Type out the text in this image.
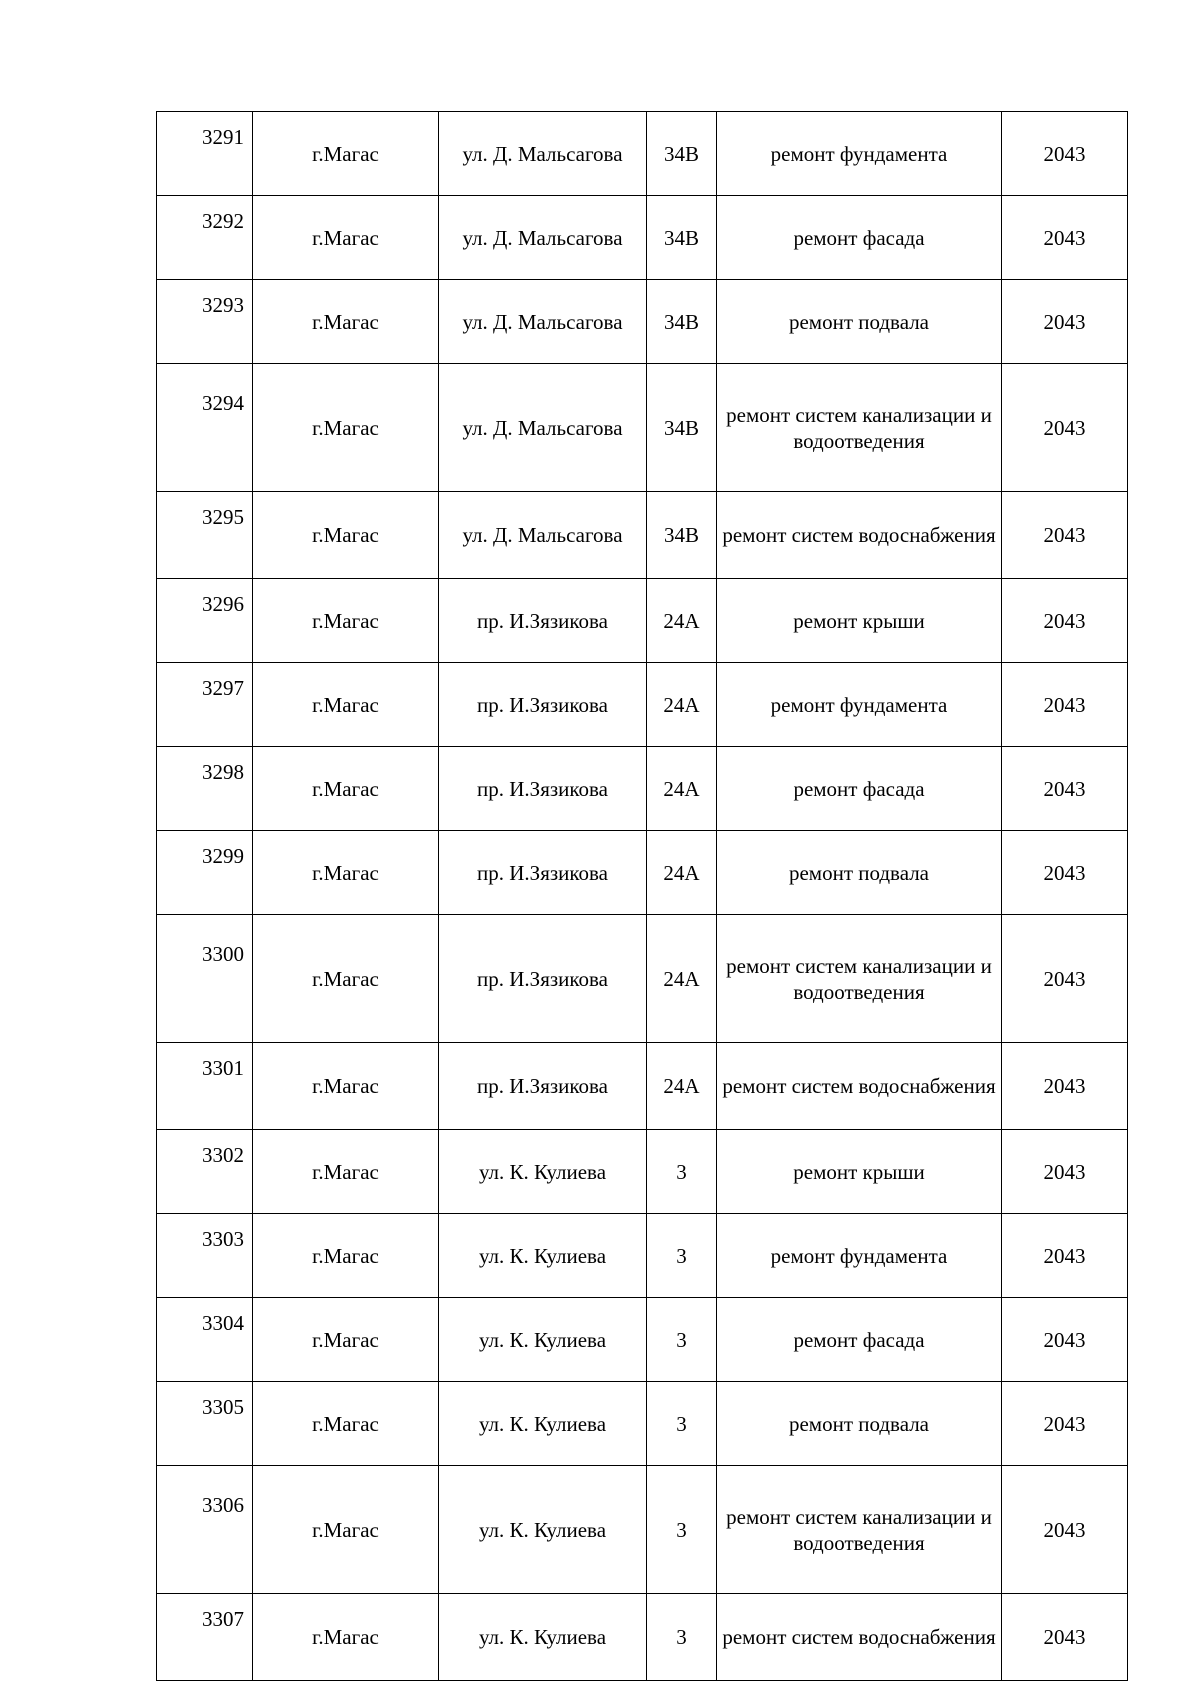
3291	г.Магас	ул. Д. Мальсагова	34В	ремонт фундамента	2043
3292	г.Магас	ул. Д. Мальсагова	34В	ремонт фасада	2043
3293	г.Магас	ул. Д. Мальсагова	34В	ремонт подвала	2043
3294	г.Магас	ул. Д. Мальсагова	34В	ремонт систем канализации и водоотведения	2043
3295	г.Магас	ул. Д. Мальсагова	34В	ремонт систем водоснабжения	2043
3296	г.Магас	пр. И.Зязикова	24А	ремонт крыши	2043
3297	г.Магас	пр. И.Зязикова	24А	ремонт фундамента	2043
3298	г.Магас	пр. И.Зязикова	24А	ремонт фасада	2043
3299	г.Магас	пр. И.Зязикова	24А	ремонт подвала	2043
3300	г.Магас	пр. И.Зязикова	24А	ремонт систем канализации и водоотведения	2043
3301	г.Магас	пр. И.Зязикова	24А	ремонт систем водоснабжения	2043
3302	г.Магас	ул. К. Кулиева	3	ремонт крыши	2043
3303	г.Магас	ул. К. Кулиева	3	ремонт фундамента	2043
3304	г.Магас	ул. К. Кулиева	3	ремонт фасада	2043
3305	г.Магас	ул. К. Кулиева	3	ремонт подвала	2043
3306	г.Магас	ул. К. Кулиева	3	ремонт систем канализации и водоотведения	2043
3307	г.Магас	ул. К. Кулиева	3	ремонт систем водоснабжения	2043
